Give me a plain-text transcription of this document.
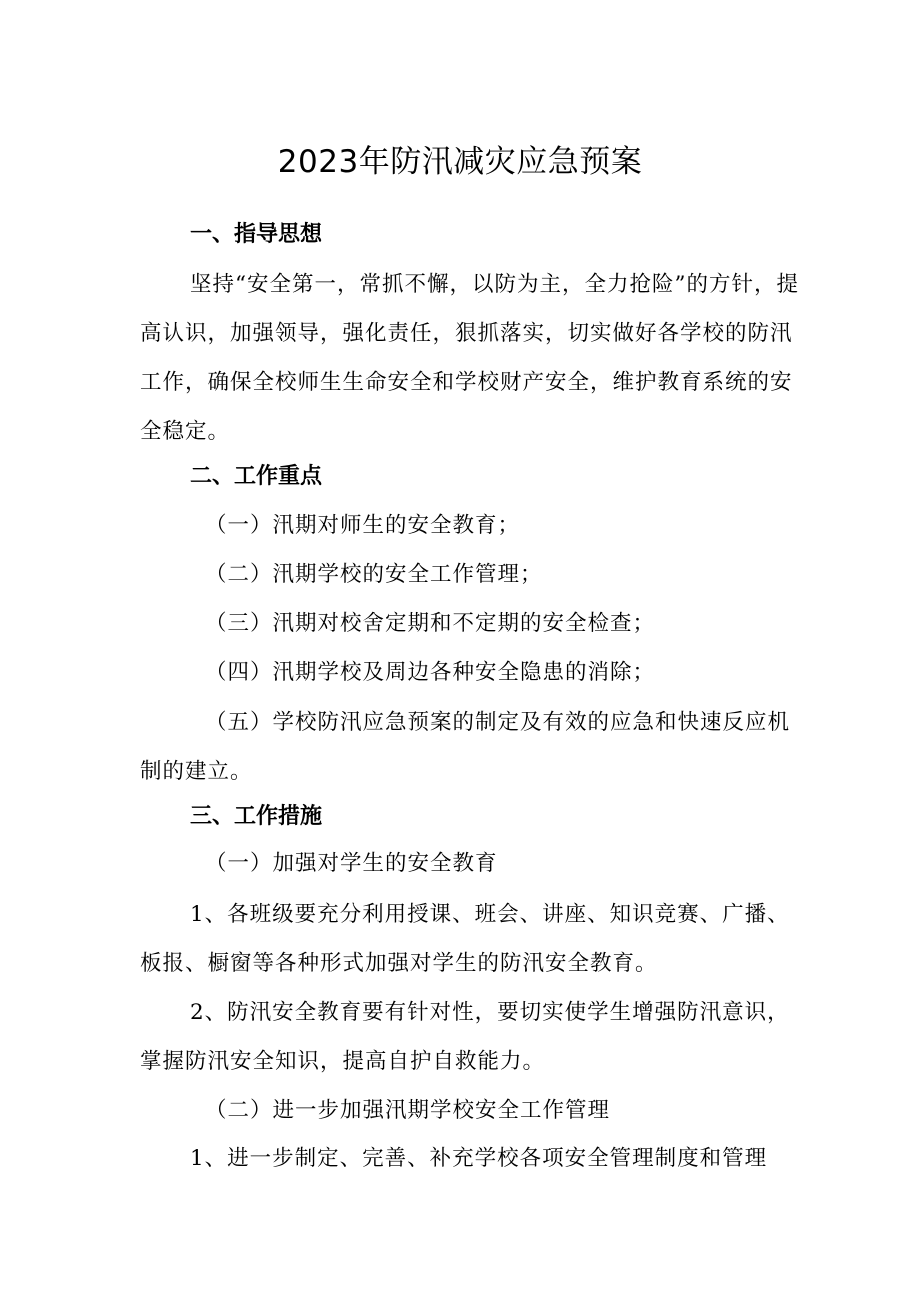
2023年防汛减灾应急预案
一、指导思想
坚持“安全第一，常抓不懈，以防为主，全力抢险”的方针，提高认识，加强领导，强化责任，狠抓落实，切实做好各学校的防汛工作，确保全校师生生命安全和学校财产安全，维护教育系统的安全稳定。
二、工作重点
（一）汛期对师生的安全教育；
（二）汛期学校的安全工作管理；
（三）汛期对校舍定期和不定期的安全检查；
（四）汛期学校及周边各种安全隐患的消除；
（五）学校防汛应急预案的制定及有效的应急和快速反应机制的建立。
三、工作措施
（一）加强对学生的安全教育
1、各班级要充分利用授课、班会、讲座、知识竞赛、广播、板报、橱窗等各种形式加强对学生的防汛安全教育。
2、防汛安全教育要有针对性，要切实使学生增强防汛意识，掌握防汛安全知识，提高自护自救能力。
（二）进一步加强汛期学校安全工作管理
1、进一步制定、完善、补充学校各项安全管理制度和管理
